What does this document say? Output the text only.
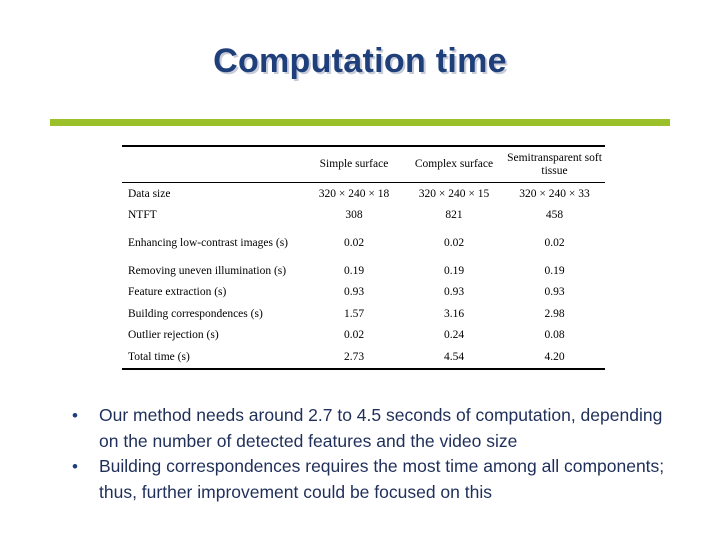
Computation time
	Simple surface	Complex surface	Semitransparent soft tissue
Data size	320 × 240 × 18	320 × 240 × 15	320 × 240 × 33
NTFT	308	821	458
Enhancing low-contrast images (s)	0.02	0.02	0.02
Removing uneven illumination (s)	0.19	0.19	0.19
Feature extraction (s)	0.93	0.93	0.93
Building correspondences (s)	1.57	3.16	2.98
Outlier rejection (s)	0.02	0.24	0.08
Total time (s)	2.73	4.54	4.20
• Our method needs around 2.7 to 4.5 seconds of computation, depending on the number of detected features and the video size
• Building correspondences requires the most time among all components; thus, further improvement could be focused on this
